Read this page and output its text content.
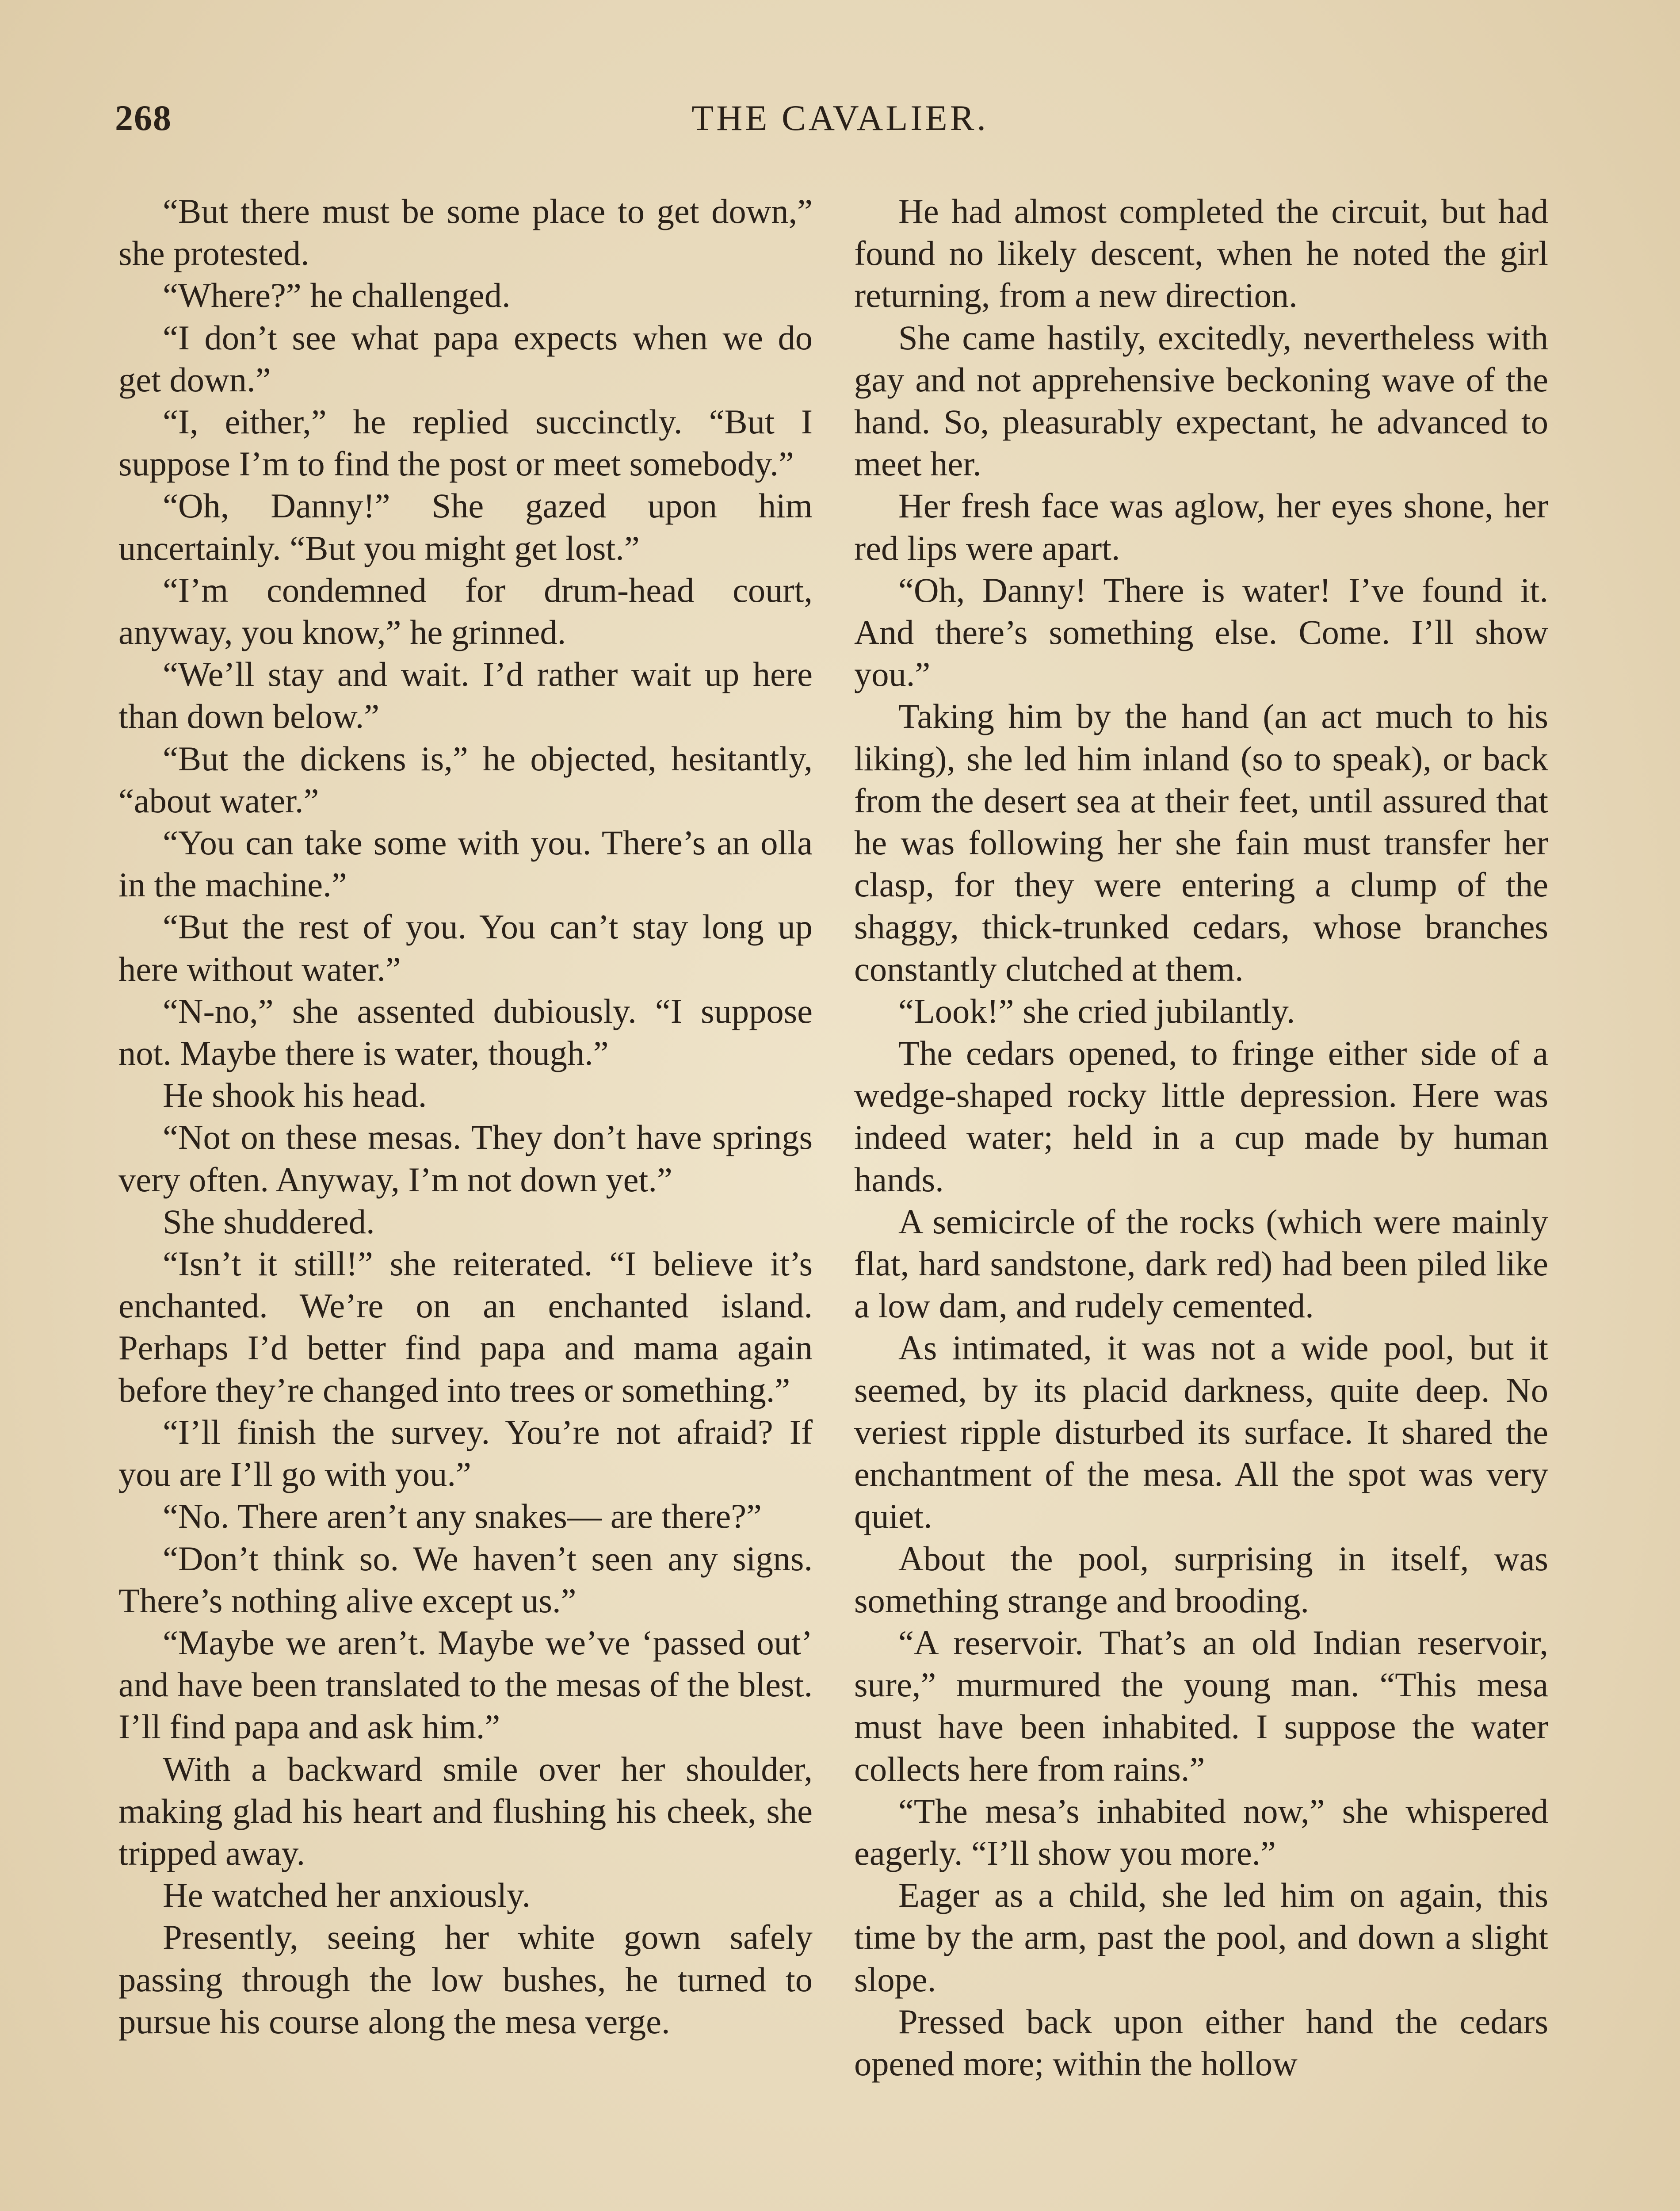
268	THE CAVALIER.

“But there must be some place to get down,” she protested.

“Where?” he challenged.

“I don’t see what papa expects when we do get down.”

“I, either,” he replied succinctly. “But I suppose I’m to find the post or meet somebody.”

“Oh, Danny!” She gazed upon him uncertainly. “But you might get lost.”

“I’m condemned for drum-head court, anyway, you know,” he grinned.

“We’ll stay and wait. I’d rather wait up here than down below.”

“But the dickens is,” he objected, hesitantly, “about water.”

“You can take some with you. There’s an olla in the machine.”

“But the rest of you. You can’t stay long up here without water.”

“N-no,” she assented dubiously. “I suppose not. Maybe there is water, though.”

He shook his head.

“Not on these mesas. They don’t have springs very often. Anyway, I’m not down yet.”

She shuddered.

“Isn’t it still!” she reiterated. “I believe it’s enchanted. We’re on an enchanted island. Perhaps I’d better find papa and mama again before they’re changed into trees or something.”

“I’ll finish the survey. You’re not afraid? If you are I’ll go with you.”

“No. There aren’t any snakes— are there?”

“Don’t think so. We haven’t seen any signs. There’s nothing alive except us.”

“Maybe we aren’t. Maybe we’ve ‘passed out’ and have been translated to the mesas of the blest. I’ll find papa and ask him.”

With a backward smile over her shoulder, making glad his heart and flushing his cheek, she tripped away.

He watched her anxiously.

Presently, seeing her white gown safely passing through the low bushes, he turned to pursue his course along the mesa verge.

He had almost completed the circuit, but had found no likely descent, when he noted the girl returning, from a new direction.

She came hastily, excitedly, nevertheless with gay and not apprehensive beckoning wave of the hand. So, pleasurably expectant, he advanced to meet her.

Her fresh face was aglow, her eyes shone, her red lips were apart.

“Oh, Danny! There is water! I’ve found it. And there’s something else. Come. I’ll show you.”

Taking him by the hand (an act much to his liking), she led him inland (so to speak), or back from the desert sea at their feet, until assured that he was following her she fain must transfer her clasp, for they were entering a clump of the shaggy, thick-trunked cedars, whose branches constantly clutched at them.

“Look!” she cried jubilantly.

The cedars opened, to fringe either side of a wedge-shaped rocky little depression. Here was indeed water; held in a cup made by human hands.

A semicircle of the rocks (which were mainly flat, hard sandstone, dark red) had been piled like a low dam, and rudely cemented.

As intimated, it was not a wide pool, but it seemed, by its placid darkness, quite deep. No veriest ripple disturbed its surface. It shared the enchantment of the mesa. All the spot was very quiet.

About the pool, surprising in itself, was something strange and brooding.

“A reservoir. That’s an old Indian reservoir, sure,” murmured the young man. “This mesa must have been inhabited. I suppose the water collects here from rains.”

“The mesa’s inhabited now,” she whispered eagerly. “I’ll show you more.”

Eager as a child, she led him on again, this time by the arm, past the pool, and down a slight slope.

Pressed back upon either hand the cedars opened more; within the hollow
